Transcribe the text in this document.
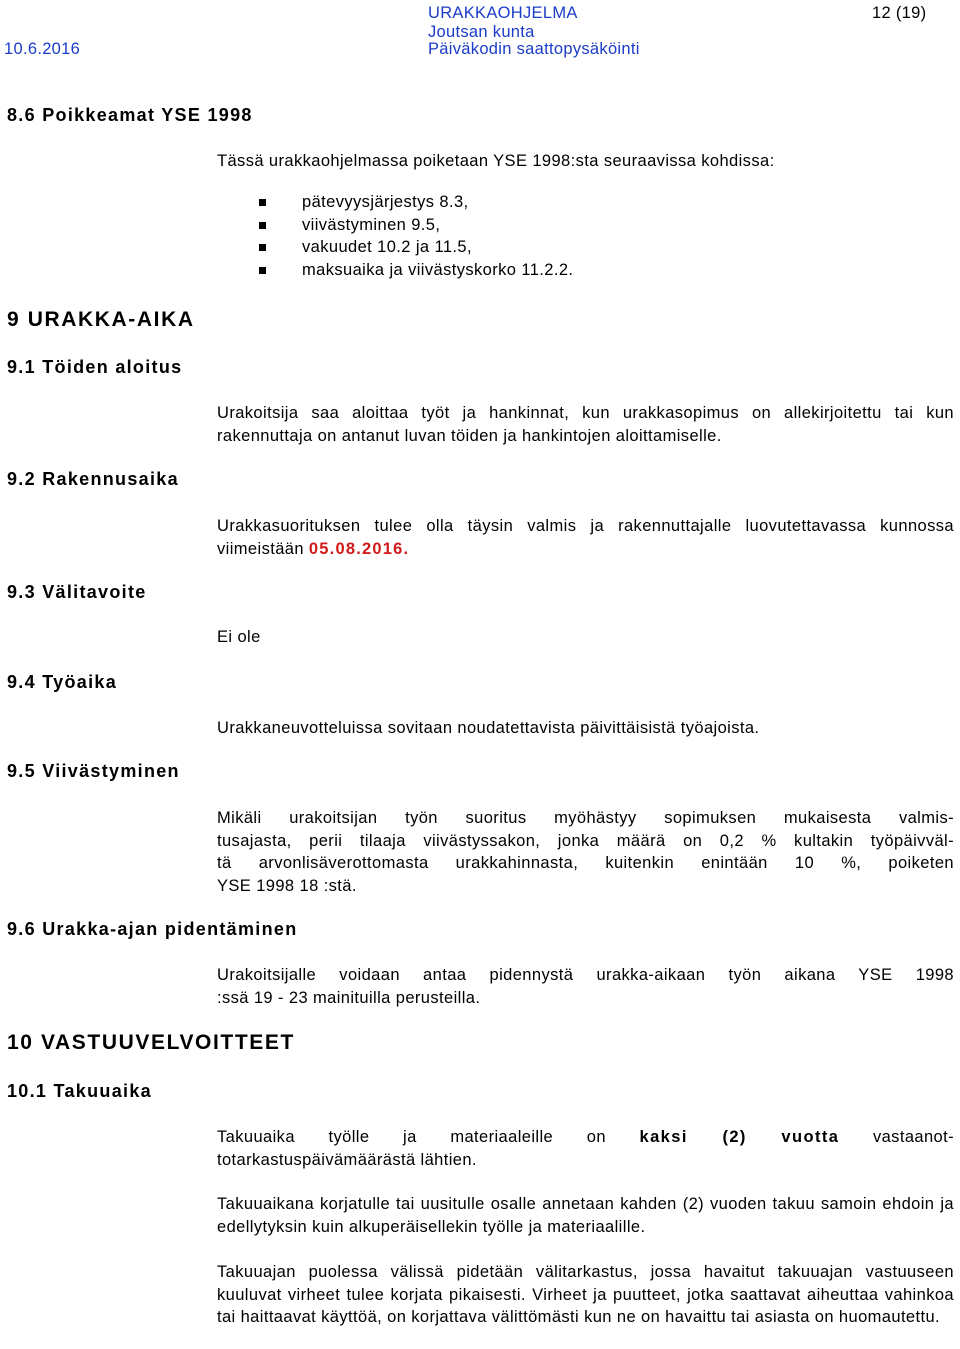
URAKKAOHJELMA	12 (19)
Joutsan kunta
10.6.2016	Päiväkodin saattopysäköinti
8.6 Poikkeamat YSE 1998
Tässä urakkaohjelmassa poiketaan YSE 1998:sta seuraavissa kohdissa:
pätevyysjärjestys 8.3,
viivästyminen 9.5,
vakuudet 10.2 ja 11.5,
maksuaika ja viivästyskorko 11.2.2.
9 URAKKA-AIKA
9.1 Töiden aloitus
Urakoitsija saa aloittaa työt ja hankinnat, kun urakkasopimus on allekirjoitettu tai kun rakennuttaja on antanut luvan töiden ja hankintojen aloittamiselle.
9.2 Rakennusaika
Urakkasuorituksen tulee olla täysin valmis ja rakennuttajalle luovutettavassa kunnossa viimeistään 05.08.2016.
9.3 Välitavoite
Ei ole
9.4 Työaika
Urakkaneuvotteluissa sovitaan noudatettavista päivittäisistä työajoista.
9.5 Viivästyminen
Mikäli urakoitsijan työn suoritus myöhästyy sopimuksen mukaisesta valmis-
tusajasta, perii tilaaja viivästyssakon, jonka määrä on 0,2 % kultakin työpäivväl-
tä arvonlisäverottomasta urakkahinnasta, kuitenkin enintään 10 %, poiketen
YSE 1998 18 :stä.
9.6 Urakka-ajan pidentäminen
Urakoitsijalle voidaan antaa pidennystä urakka-aikaan työn aikana YSE 1998
:ssä 19 - 23 mainituilla perusteilla.
10 VASTUUVELVOITTEET
10.1 Takuuaika
Takuuaika työlle ja materiaaleille on kaksi (2) vuotta vastaanot-
totarkastuspäivämäärästä lähtien.
Takuuaikana korjatulle tai uusitulle osalle annetaan kahden (2) vuoden takuu samoin ehdoin ja edellytyksin kuin alkuperäisellekin työlle ja materiaalille.
Takuuajan puolessa välissä pidetään välitarkastus, jossa havaitut takuuajan vastuuseen kuuluvat virheet tulee korjata pikaisesti. Virheet ja puutteet, jotka saattavat aiheuttaa vahinkoa tai haittaavat käyttöä, on korjattava välittömästi kun ne on havaittu tai asiasta on huomautettu.
